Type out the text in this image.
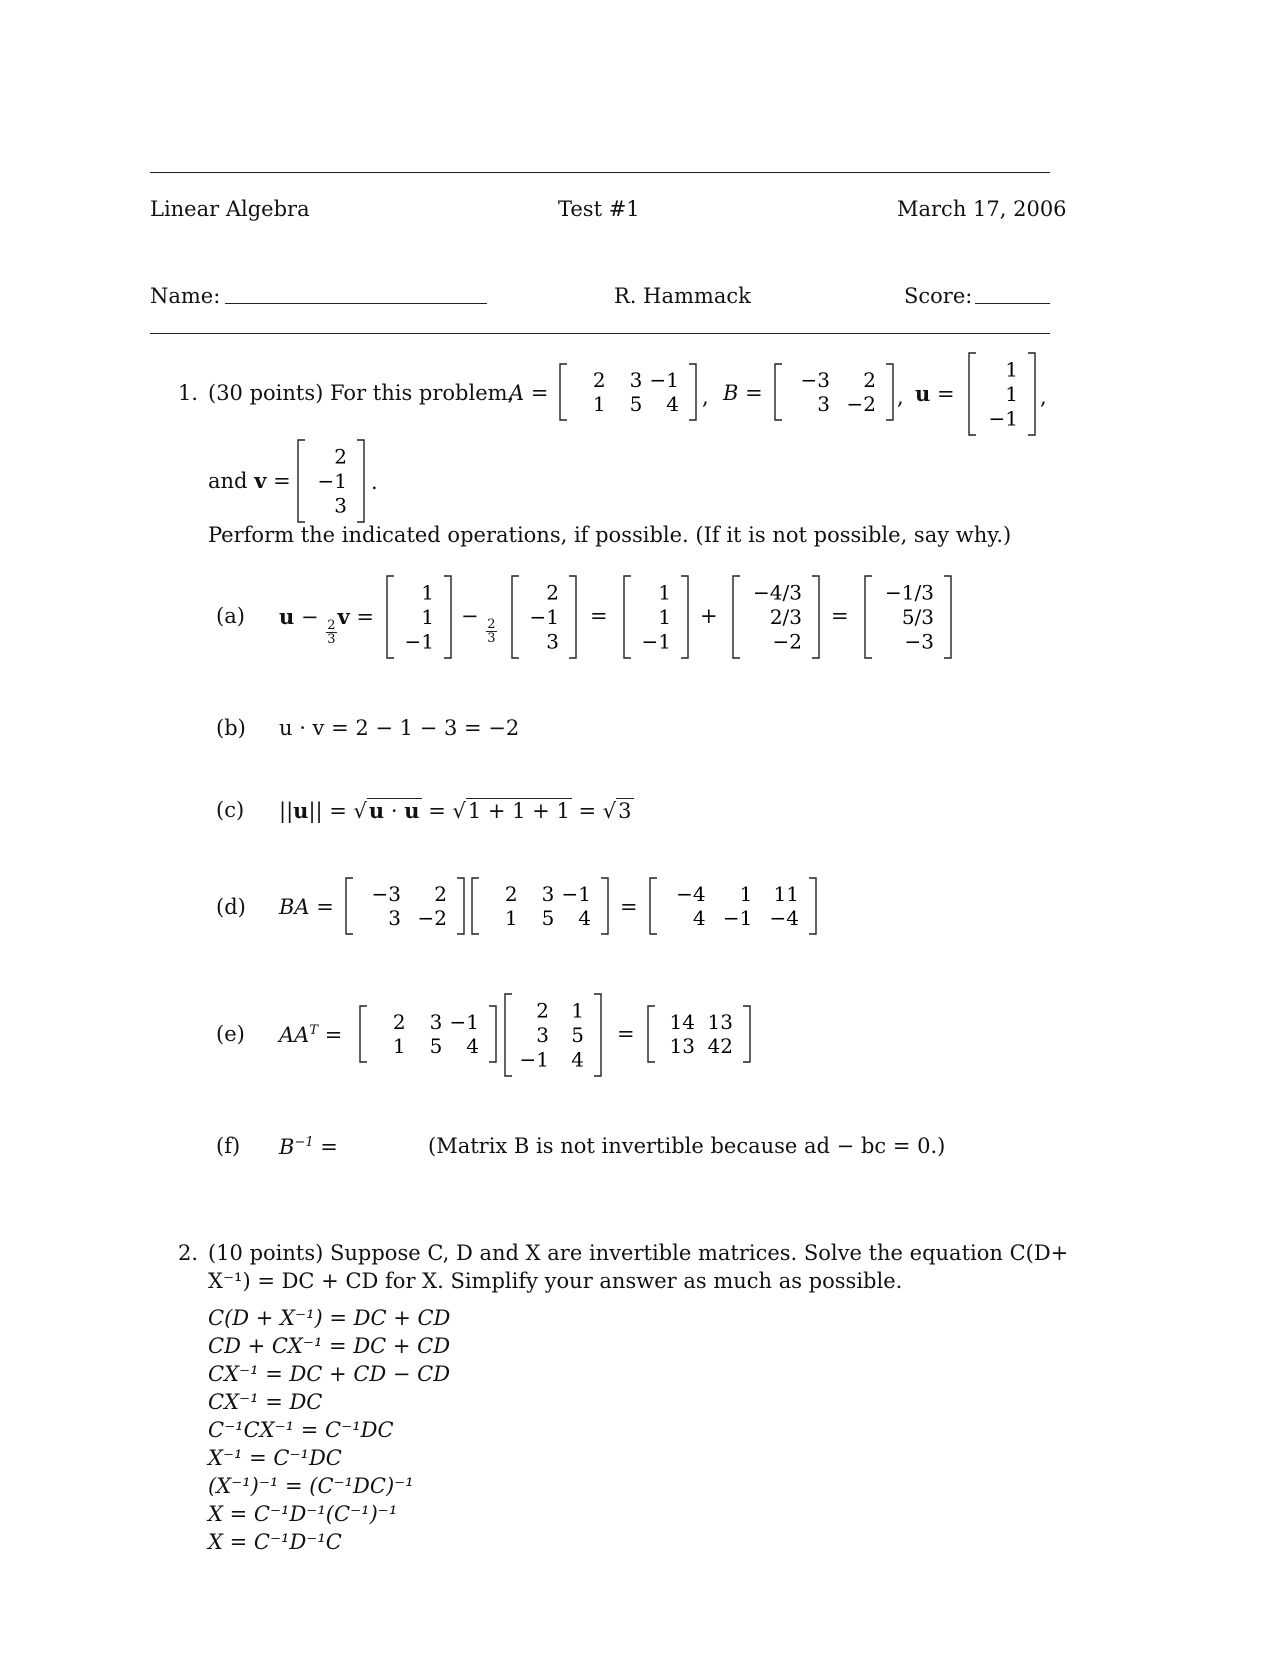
Linear Algebra	Test #1	March 17, 2006
Name:	R. Hammack	Score:
1. (30 points) For this problem,
A =
2 3 −1
1 5 4 , B =
−3 2
3 −2 , u =
1
1
−1
,
and v =
2
−1
3
.
Perform the indicated operations, if possible. (If it is not possible, say why.)
(a) u −
$\frac{2}{3}$
v =
1
1
−1
−
$\frac{2}{3}$
2
−1
3
=
1
1
−1
+
−4/3
2/3
−2
=
−1/3
5/3
−3
(b) u · v = 2 − 1 − 3 = −2
(c) ||u|| = √u · u = √1 + 1 + 1 = √3
(d) BA =
−3 2
3 −2
2 3 −1
1 5 4 =
−4 1 11
4 −1 −4
(e) $AA^T$ =
2 3 −1
1 5 4
2 1
3 5
−1 4
= 14 13
13 42
(f) $B^{-1}$ =	(Matrix B is not invertible because ad − bc = 0.)
2. (10 points) Suppose C, D and X are invertible matrices. Solve the equation C(D+
X⁻¹) = DC + CD for X. Simplify your answer as much as possible.
C(D + X⁻¹) = DC + CD
CD + CX⁻¹ = DC + CD
CX⁻¹ = DC + CD − CD
CX⁻¹ = DC
C⁻¹CX⁻¹ = C⁻¹DC
X⁻¹ = C⁻¹DC
(X⁻¹)⁻¹ = (C⁻¹DC)⁻¹
X = C⁻¹D⁻¹(C⁻¹)⁻¹
X = C⁻¹D⁻¹C
